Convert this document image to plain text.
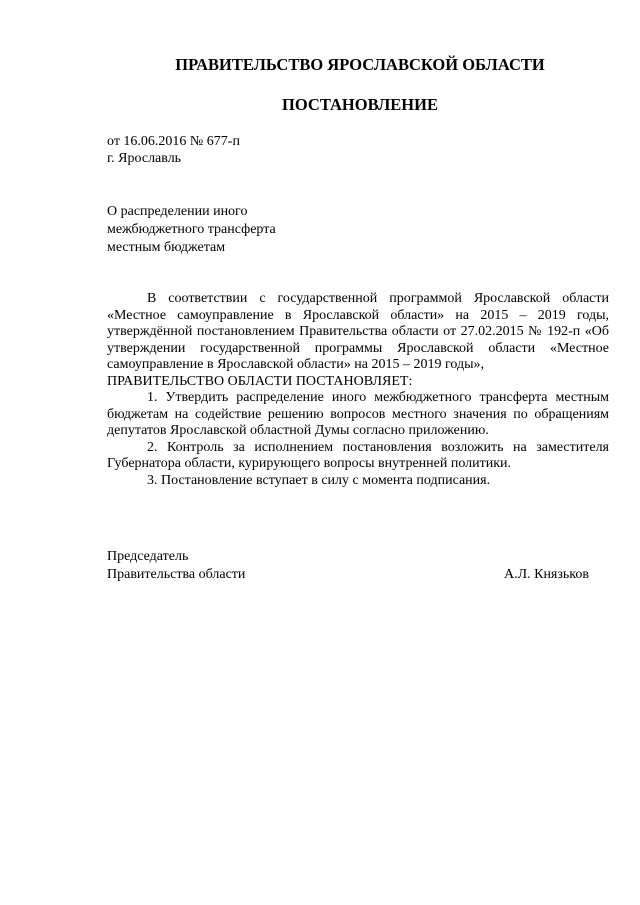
ПРАВИТЕЛЬСТВО ЯРОСЛАВСКОЙ ОБЛАСТИ
ПОСТАНОВЛЕНИЕ
от 16.06.2016 № 677-п
г. Ярославль
О распределении иного
межбюджетного трансферта
местным бюджетам

В соответствии с государственной программой Ярославской области «Местное самоуправление в Ярославской области» на 2015 – 2019 годы, утверждённой постановлением Правительства области от 27.02.2015 № 192-п «Об утверждении государственной программы Ярославской области «Местное самоуправление в Ярославской области» на 2015 – 2019 годы»,

ПРАВИТЕЛЬСТВО ОБЛАСТИ ПОСТАНОВЛЯЕТ:

1. Утвердить распределение иного межбюджетного трансферта местным бюджетам на содействие решению вопросов местного значения по обращениям депутатов Ярославской областной Думы согласно приложению.

2. Контроль за исполнением постановления возложить на заместителя Губернатора области, курирующего вопросы внутренней политики.

3. Постановление вступает в силу с момента подписания.

Председатель
Правительства области	А.Л. Князьков
